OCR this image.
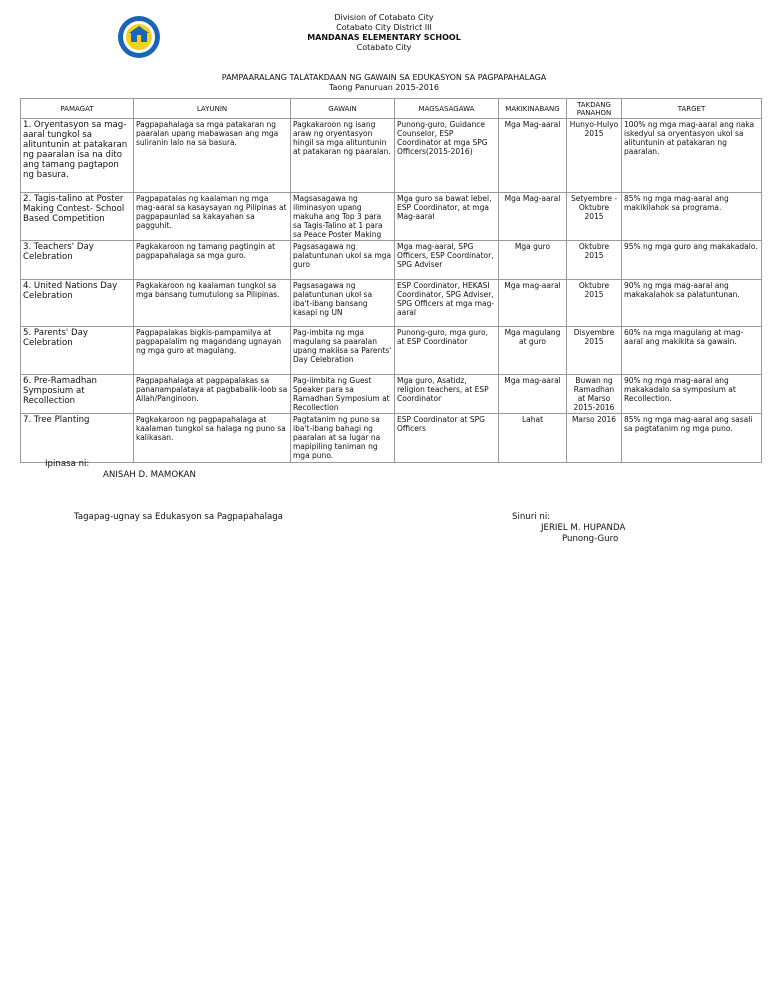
Division of Cotabato City
Cotabato City District III
MANDANAS ELEMENTARY SCHOOL
Cotabato City
PAMPAARALANG TALATAKDAAN NG GAWAIN SA EDUKASYON SA PAGPAPAHALAGA
Taong Panuruan 2015-2016
PAMAGAT	LAYUNIN	GAWAIN	MAGSASAGAWA	MAKIKINABANG	TAKDANG PANAHON	TARGET
1. Oryentasyon sa mag-aaral tungkol sa alituntunin at patakaran ng paaralan isa na dito ang tamang pagtapon ng basura.	Pagpapahalaga sa mga patakaran ng paaralan upang mabawasan ang mga suliranin lalo na sa basura.	Pagkakaroon ng isang araw ng oryentasyon hingil sa mga alituntunin at patakaran ng paaralan.	Punong-guro, Guidance Counselor, ESP Coordinator at mga SPG Officers(2015-2016)	Mga Mag-aaral	Hunyo-Hulyo 2015	100% ng mga mag-aaral ang naka iskedyul sa oryentasyon ukol sa alituntunin at patakaran ng paaralan.
2. Tagis-talino at Poster Making Contest- School Based Competition	Pagpapatalas ng kaalaman ng mga mag-aaral sa kasaysayan ng Pilipinas at pagpapaunlad sa kakayahan sa pagguhit.	Magsasagawa ng iliminasyon upang makuha ang Top 3 para sa Tagis-Talino at 1 para sa Peace Poster Making	Mga guro sa bawat lebel, ESP Coordinator, at mga Mag-aaral	Mga Mag-aaral	Setyembre -Oktubre 2015	85% ng mga mag-aaral ang makikilahok sa programa.
3. Teachers' Day Celebration	Pagkakaroon ng tamang pagtingin at pagpapahalaga sa mga guro.	Pagsasagawa ng palatuntunan ukol sa mga guro	Mga mag-aaral, SPG Officers, ESP Coordinator, SPG Adviser	Mga guro	Oktubre 2015	95% ng mga guro ang makakadalo.
4. United Nations Day Celebration	Pagkakaroon ng kaalaman tungkol sa mga bansang tumutulong sa Pilipinas.	Pagsasagawa ng palatuntunan ukol sa iba't-ibang bansang kasapi ng UN	ESP Coordinator, HEKASI Coordinator, SPG Adviser, SPG Officers at mga mag-aaral	Mga mag-aaral	Oktubre 2015	90% ng mga mag-aaral ang makakalahok sa palatuntunan.
5. Parents' Day Celebration	Pagpapalakas bigkis-pampamilya at pagpapalalim ng magandang ugnayan ng mga guro at magulang.	Pag-imbita ng mga magulang sa paaralan upang makiisa sa Parents' Day Celebration	Punong-guro, mga guro, at ESP Coordinator	Mga magulang at guro	Disyembre 2015	60% na mga magulang at mag-aaral ang makikita sa gawain.
6. Pre-Ramadhan Symposium at Recollection	Pagpapahalaga at pagpapalakas sa pananampalataya at pagbabalik-loob sa Allah/Panginoon.	Pag-iimbita ng Guest Speaker para sa Ramadhan Symposium at Recollection	Mga guro, Asatidz, religion teachers, at ESP Coordinator	Mga mag-aaral	Buwan ng Ramadhan at Marso 2015-2016	90% ng mga mag-aaral ang makakadalo sa symposium at Recollection.
7. Tree Planting	Pagkakaroon ng pagpapahalaga at kaalaman tungkol sa halaga ng puno sa kalikasan.	Pagtatanim ng puno sa iba't-ibang bahagi ng paaralan at sa lugar na mapipiling taniman ng mga puno.	ESP Coordinator at SPG Officers	Lahat	Marso 2016	85% ng mga mag-aaral ang sasali sa pagtatanim ng mga puno.
Ipinasa ni:
ANISAH D. MAMOKAN
Tagapag-ugnay sa Edukasyon sa Pagpapahalaga	Sinuri ni:
JERIEL M. HUPANDA
Punong-Guro
